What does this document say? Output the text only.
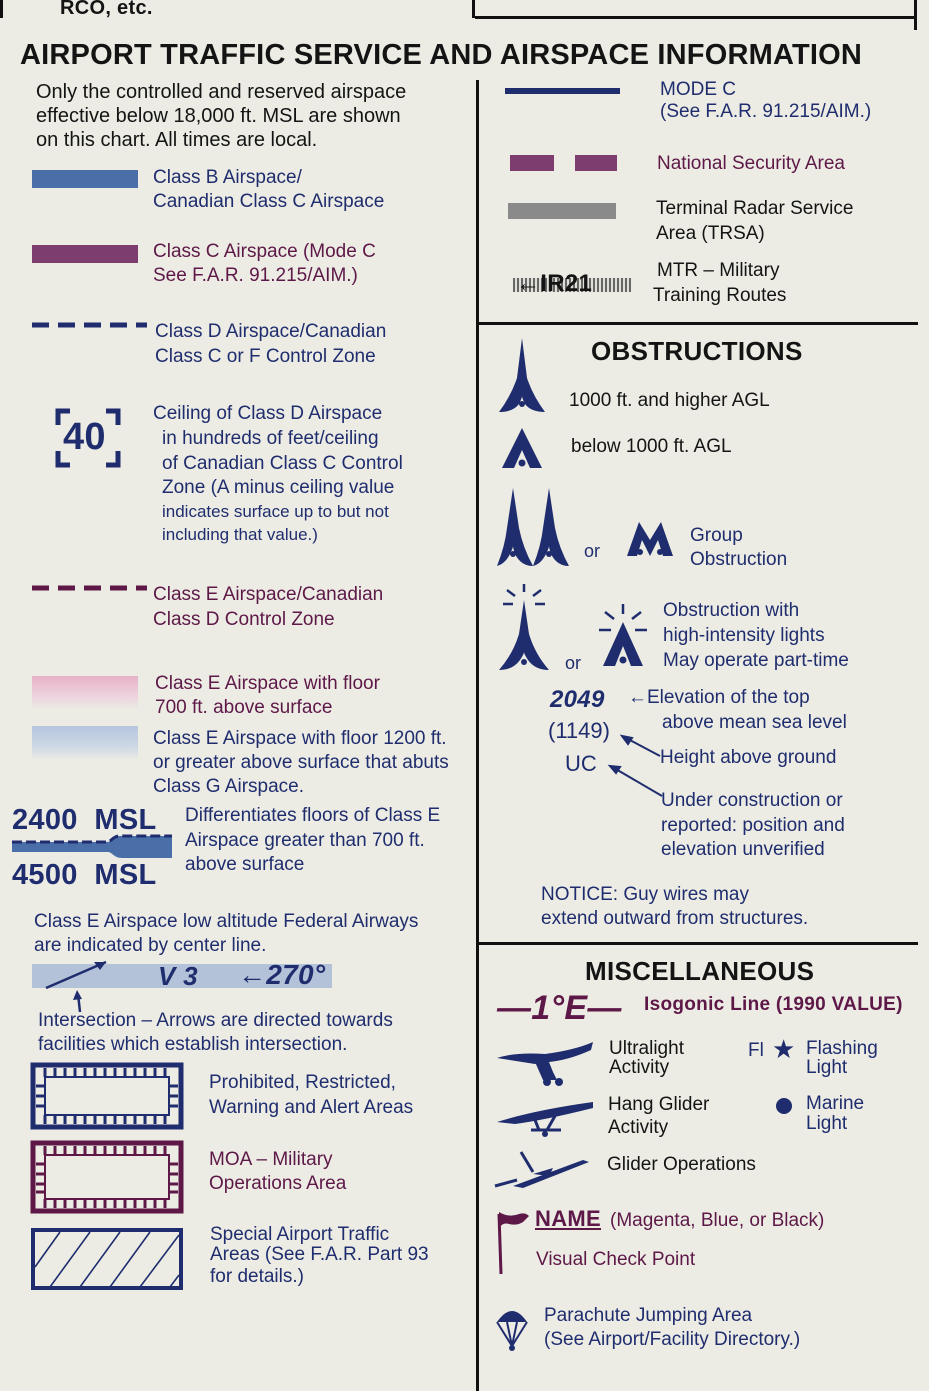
RCO, etc.
AIRPORT TRAFFIC SERVICE AND AIRSPACE INFORMATION
Only the controlled and reserved airspace
effective below 18,000 ft. MSL are shown
on this chart. All times are local.
Class B Airspace/
Canadian Class C Airspace
Class C Airspace (Mode C
See F.A.R. 91.215/AIM.)
Class D Airspace/Canadian
Class C or F Control Zone
40
Ceiling of Class D Airspace
in hundreds of feet/ceiling
of Canadian Class C Control
Zone (A minus ceiling value
indicates surface up to but not
including that value.)
Class E Airspace/Canadian
Class D Control Zone
Class E Airspace with floor
700 ft. above surface
Class E Airspace with floor 1200 ft.
or greater above surface that abuts
Class G Airspace.
2400  MSL
4500  MSL
Differentiates floors of Class E
Airspace greater than 700 ft.
above surface
Class E Airspace low altitude Federal Airways
are indicated by center line.
V 3 ←270°
Intersection – Arrows are directed towards
facilities which establish intersection.
Prohibited, Restricted,
Warning and Alert Areas
MOA – Military
Operations Area
Special Airport Traffic
Areas (See F.A.R. Part 93
for details.)
MODE C
(See F.A.R. 91.215/AIM.)
National Security Area
Terminal Radar Service
Area (TRSA)
←IR21	MTR – Military
Training Routes
OBSTRUCTIONS
1000 ft. and higher AGL
below 1000 ft. AGL
or
Group
Obstruction
or
Obstruction with
high-intensity lights
May operate part-time
2049 ←Elevation of the top
above mean sea level
(1149)
Height above ground
UC
Under construction or
reported: position and
elevation unverified
NOTICE: Guy wires may
extend outward from structures.
MISCELLANEOUS
—1°E— Isogonic Line (1990 VALUE)
Ultralight
Activity
Fl ★ Flashing
Light
Hang Glider
Activity
Marine
Light
Glider Operations
NAME (Magenta, Blue, or Black)
Visual Check Point
Parachute Jumping Area
(See Airport/Facility Directory.)
